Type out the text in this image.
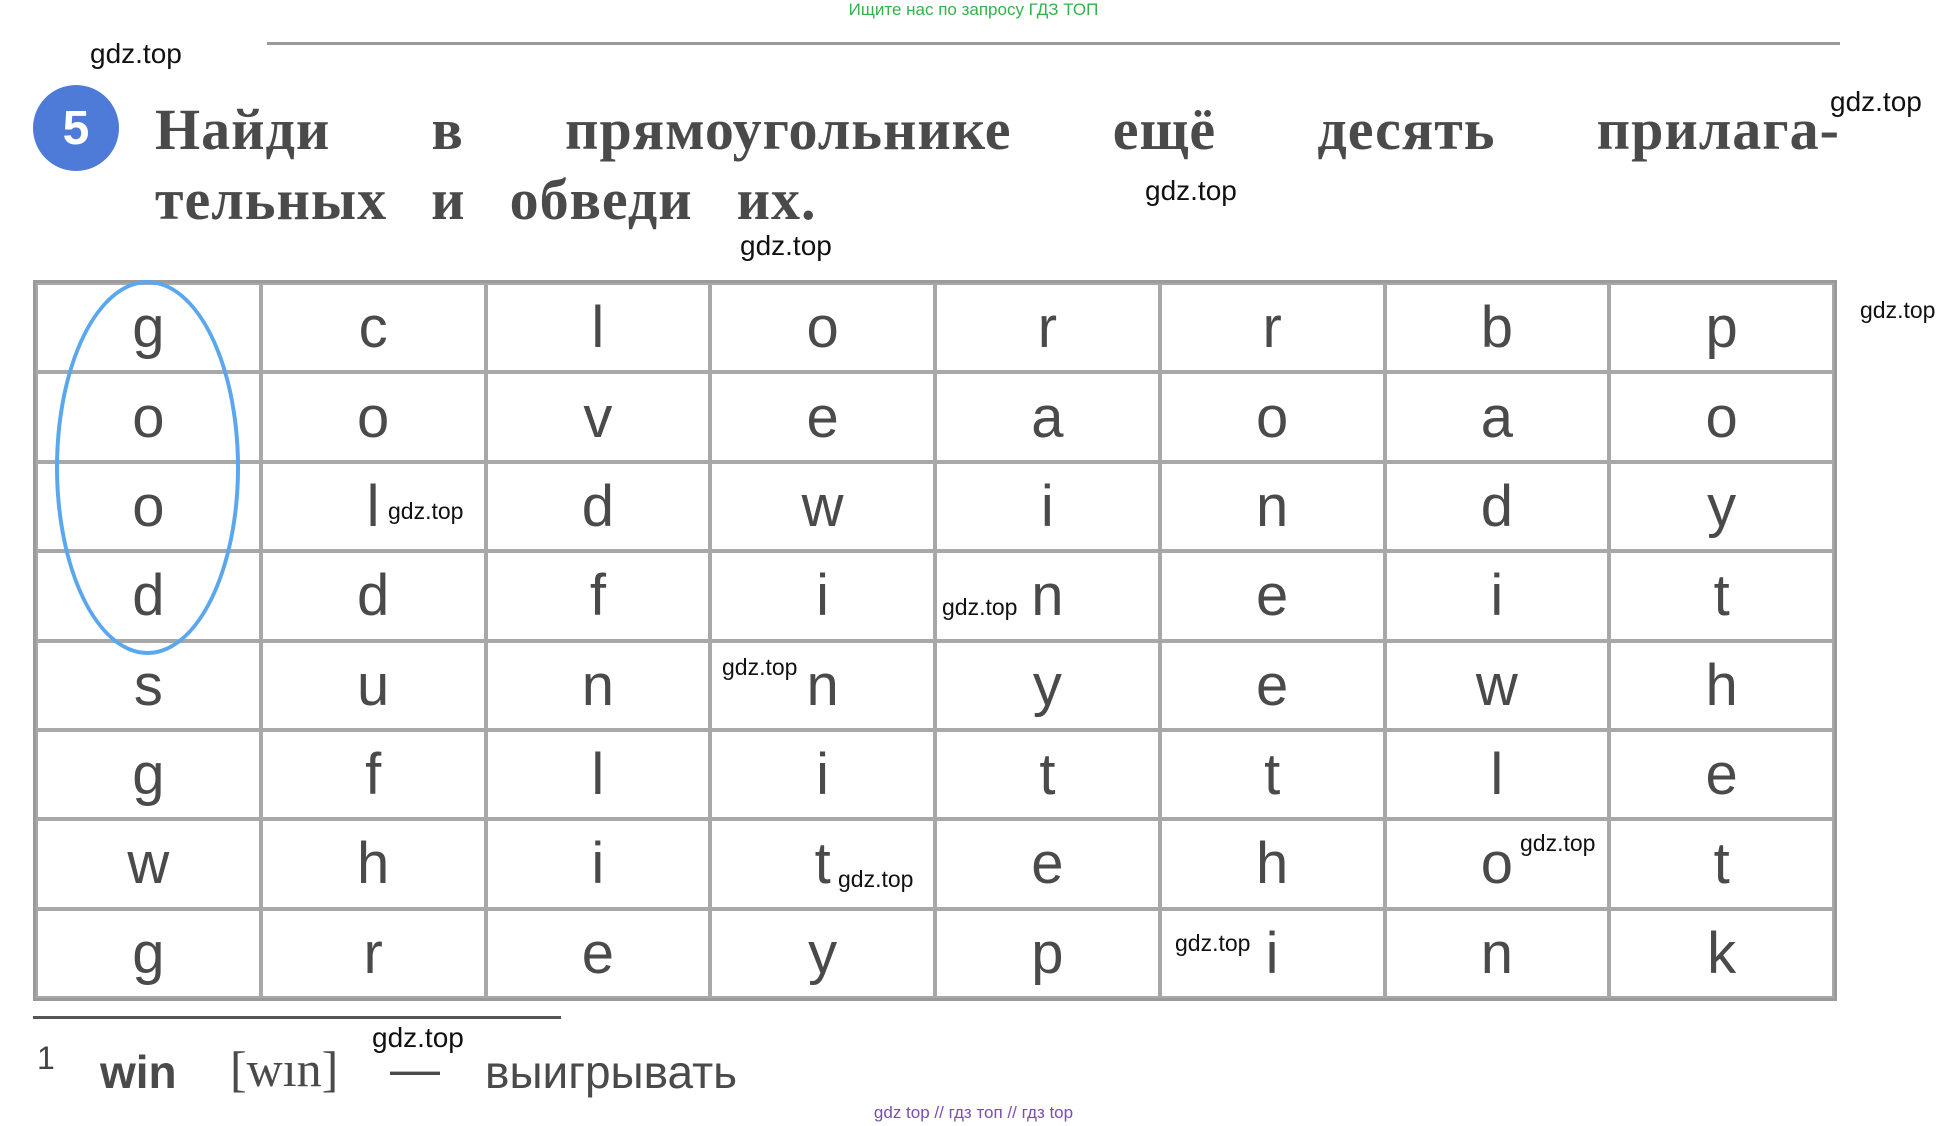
Ищите нас по запросу ГДЗ ТОП
5	Найди в прямоугольнике ещё десять прилага-
тельных и обведи их.
g	c	l	o	r	r	b	p
o	o	v	e	a	o	a	o
o	l	d	w	i	n	d	y
d	d	f	i	n	e	i	t
s	u	n	n	y	e	w	h
g	f	l	i	t	t	l	e
w	h	i	t	e	h	o	t
g	r	e	y	p	i	n	k
1 win [wın] — выигрывать
gdz top // гдз топ // гдз top
gdz.top
gdz.top
gdz.top
gdz.top
gdz.top
gdz.top
gdz.top
gdz.top
gdz.top
gdz.top
gdz.top
gdz.top
